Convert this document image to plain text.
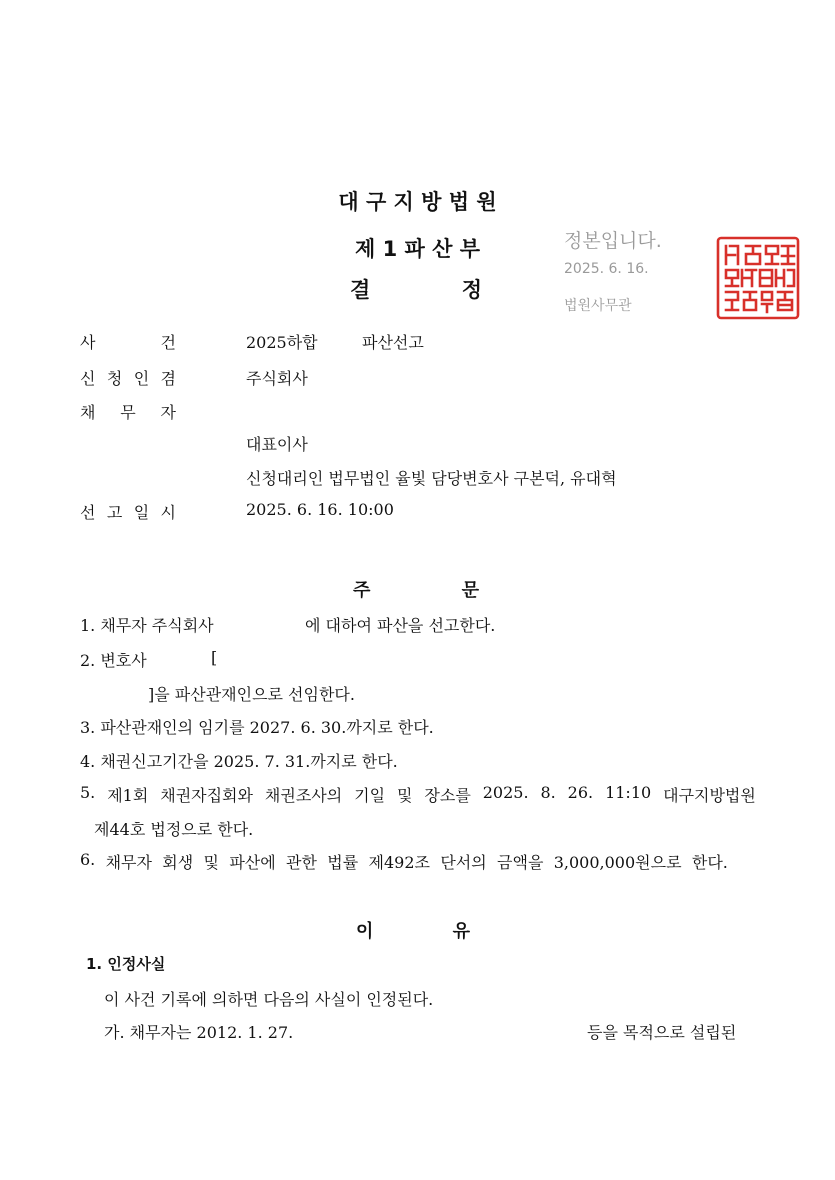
대 구 지 방 법 원
제 1 파 산 부
결	정
정본입니다.
2025. 6. 16.
법원사무관
사	건	2025하합	파산선고
신 청 인 겸	주식회사
채 무 자
대표이사
신청대리인 법무법인 율빛 담당변호사 구본덕, 유대혁
선 고 일 시	2025. 6. 16. 10:00
주	문
1. 채무자 주식회사	에 대하여 파산을 선고한다.
2. 변호사	[
]을 파산관재인으로 선임한다.
3. 파산관재인의 임기를 2027. 6. 30.까지로 한다.
4. 채권신고기간을 2025. 7. 31.까지로 한다.
5. 제1회 채권자집회와 채권조사의 기일 및 장소를 2025. 8. 26. 11:10 대구지방법원
제44호 법정으로 한다.
6. 채무자 회생 및 파산에 관한 법률 제492조 단서의 금액을 3,000,000원으로 한다.
이	유
1. 인정사실
이 사건 기록에 의하면 다음의 사실이 인정된다.
가. 채무자는 2012. 1. 27.	등을 목적으로 설립된
